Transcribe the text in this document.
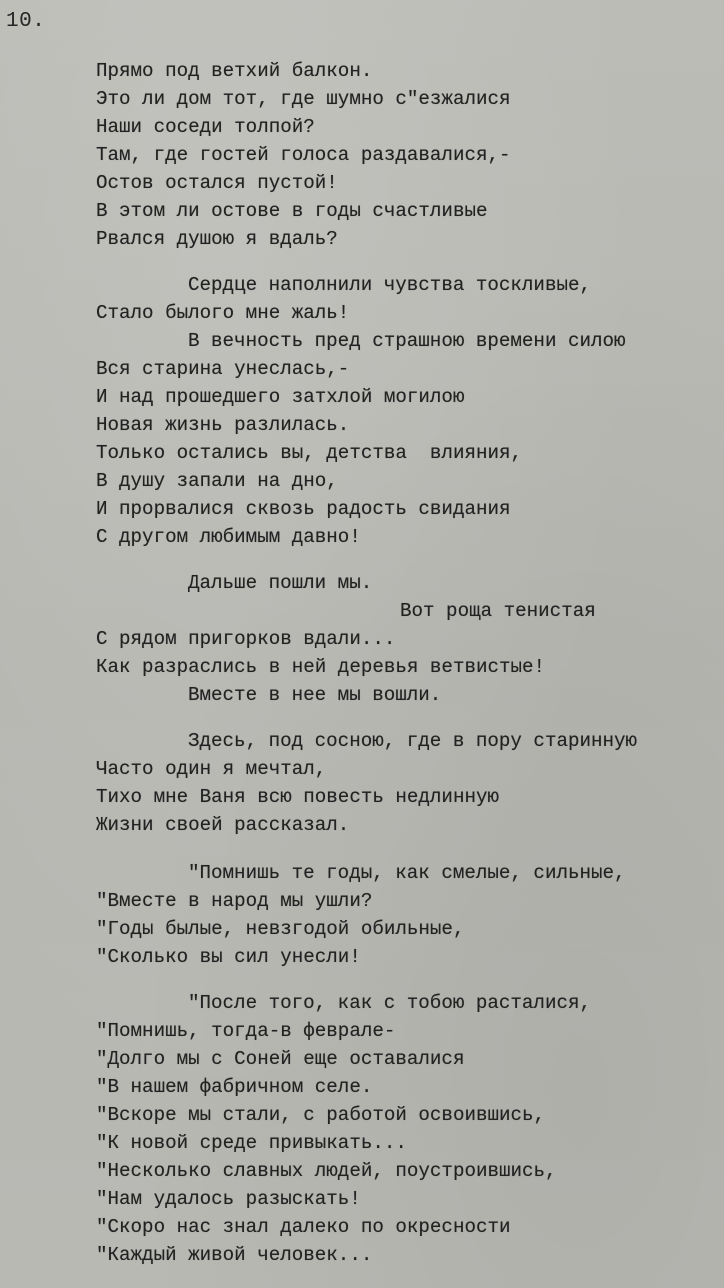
10.
Прямо под ветхий балкон.
Это ли дом тот, где шумно с"езжалися
Наши соседи толпой?
Там, где гостей голоса раздавалися,-
Остов остался пустой!
В этом ли остове в годы счастливые
Рвался душою я вдаль?
Сердце наполнили чувства тоскливые,
Стало былого мне жаль!
В вечность пред страшною времени силою
Вся старина унеслась,-
И над прошедшего затхлой могилою
Новая жизнь разлилась.
Только остались вы, детства  влияния,
В душу запали на дно,
И прорвалися сквозь радость свидания
С другом любимым давно!
Дальше пошли мы.
Вот роща тенистая
С рядом пригорков вдали...
Как разраслись в ней деревья ветвистые!
Вместе в нее мы вошли.
Здесь, под сосною, где в пору старинную
Часто один я мечтал,
Тихо мне Ваня всю повесть недлинную
Жизни своей рассказал.
"Помнишь те годы, как смелые, сильные,
"Вместе в народ мы ушли?
"Годы былые, невзгодой обильные,
"Сколько вы сил унесли!
"После того, как с тобою расталися,
"Помнишь, тогда-в феврале-
"Долго мы с Соней еще оставалися
"В нашем фабричном селе.
"Вскоре мы стали, с работой освоившись,
"К новой среде привыкать...
"Несколько славных людей, поустроившись,
"Нам удалось разыскать!
"Скоро нас знал далеко по окресности
"Каждый живой человек...
